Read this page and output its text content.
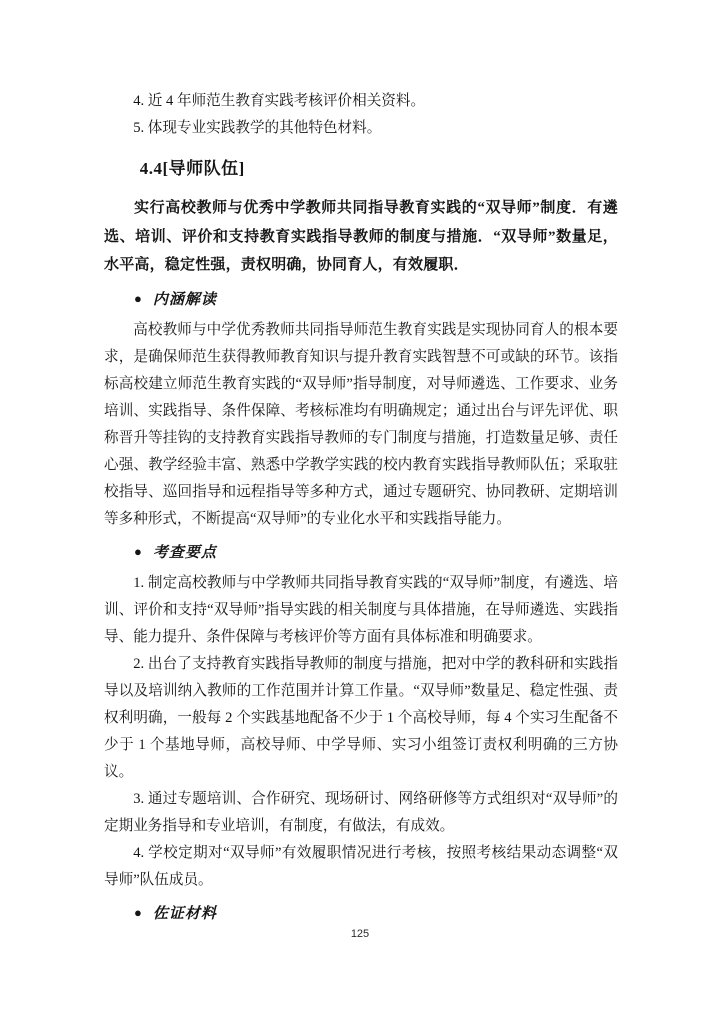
4. 近 4 年师范生教育实践考核评价相关资料。

5. 体现专业实践教学的其他特色材料。

4.4[导师队伍]

实行高校教师与优秀中学教师共同指导教育实践的“双导师”制度．有遴选、培训、评价和支持教育实践指导教师的制度与措施．“双导师”数量足，水平高，稳定性强，责权明确，协同育人，有效履职．

● 内涵解读

高校教师与中学优秀教师共同指导师范生教育实践是实现协同育人的根本要求，是确保师范生获得教师教育知识与提升教育实践智慧不可或缺的环节。该指标高校建立师范生教育实践的“双导师”指导制度，对导师遴选、工作要求、业务培训、实践指导、条件保障、考核标准均有明确规定；通过出台与评先评优、职称晋升等挂钩的支持教育实践指导教师的专门制度与措施，打造数量足够、责任心强、教学经验丰富、熟悉中学教学实践的校内教育实践指导教师队伍；采取驻校指导、巡回指导和远程指导等多种方式，通过专题研究、协同教研、定期培训等多种形式，不断提高“双导师”的专业化水平和实践指导能力。

● 考查要点

1. 制定高校教师与中学教师共同指导教育实践的“双导师”制度，有遴选、培训、评价和支持“双导师”指导实践的相关制度与具体措施，在导师遴选、实践指导、能力提升、条件保障与考核评价等方面有具体标准和明确要求。

2. 出台了支持教育实践指导教师的制度与措施，把对中学的教科研和实践指导以及培训纳入教师的工作范围并计算工作量。“双导师”数量足、稳定性强、责权利明确，一般每 2 个实践基地配备不少于 1 个高校导师，每 4 个实习生配备不少于 1 个基地导师，高校导师、中学导师、实习小组签订责权利明确的三方协议。

3. 通过专题培训、合作研究、现场研讨、网络研修等方式组织对“双导师”的定期业务指导和专业培训，有制度，有做法，有成效。

4. 学校定期对“双导师”有效履职情况进行考核，按照考核结果动态调整“双导师”队伍成员。

● 佐证材料

125
